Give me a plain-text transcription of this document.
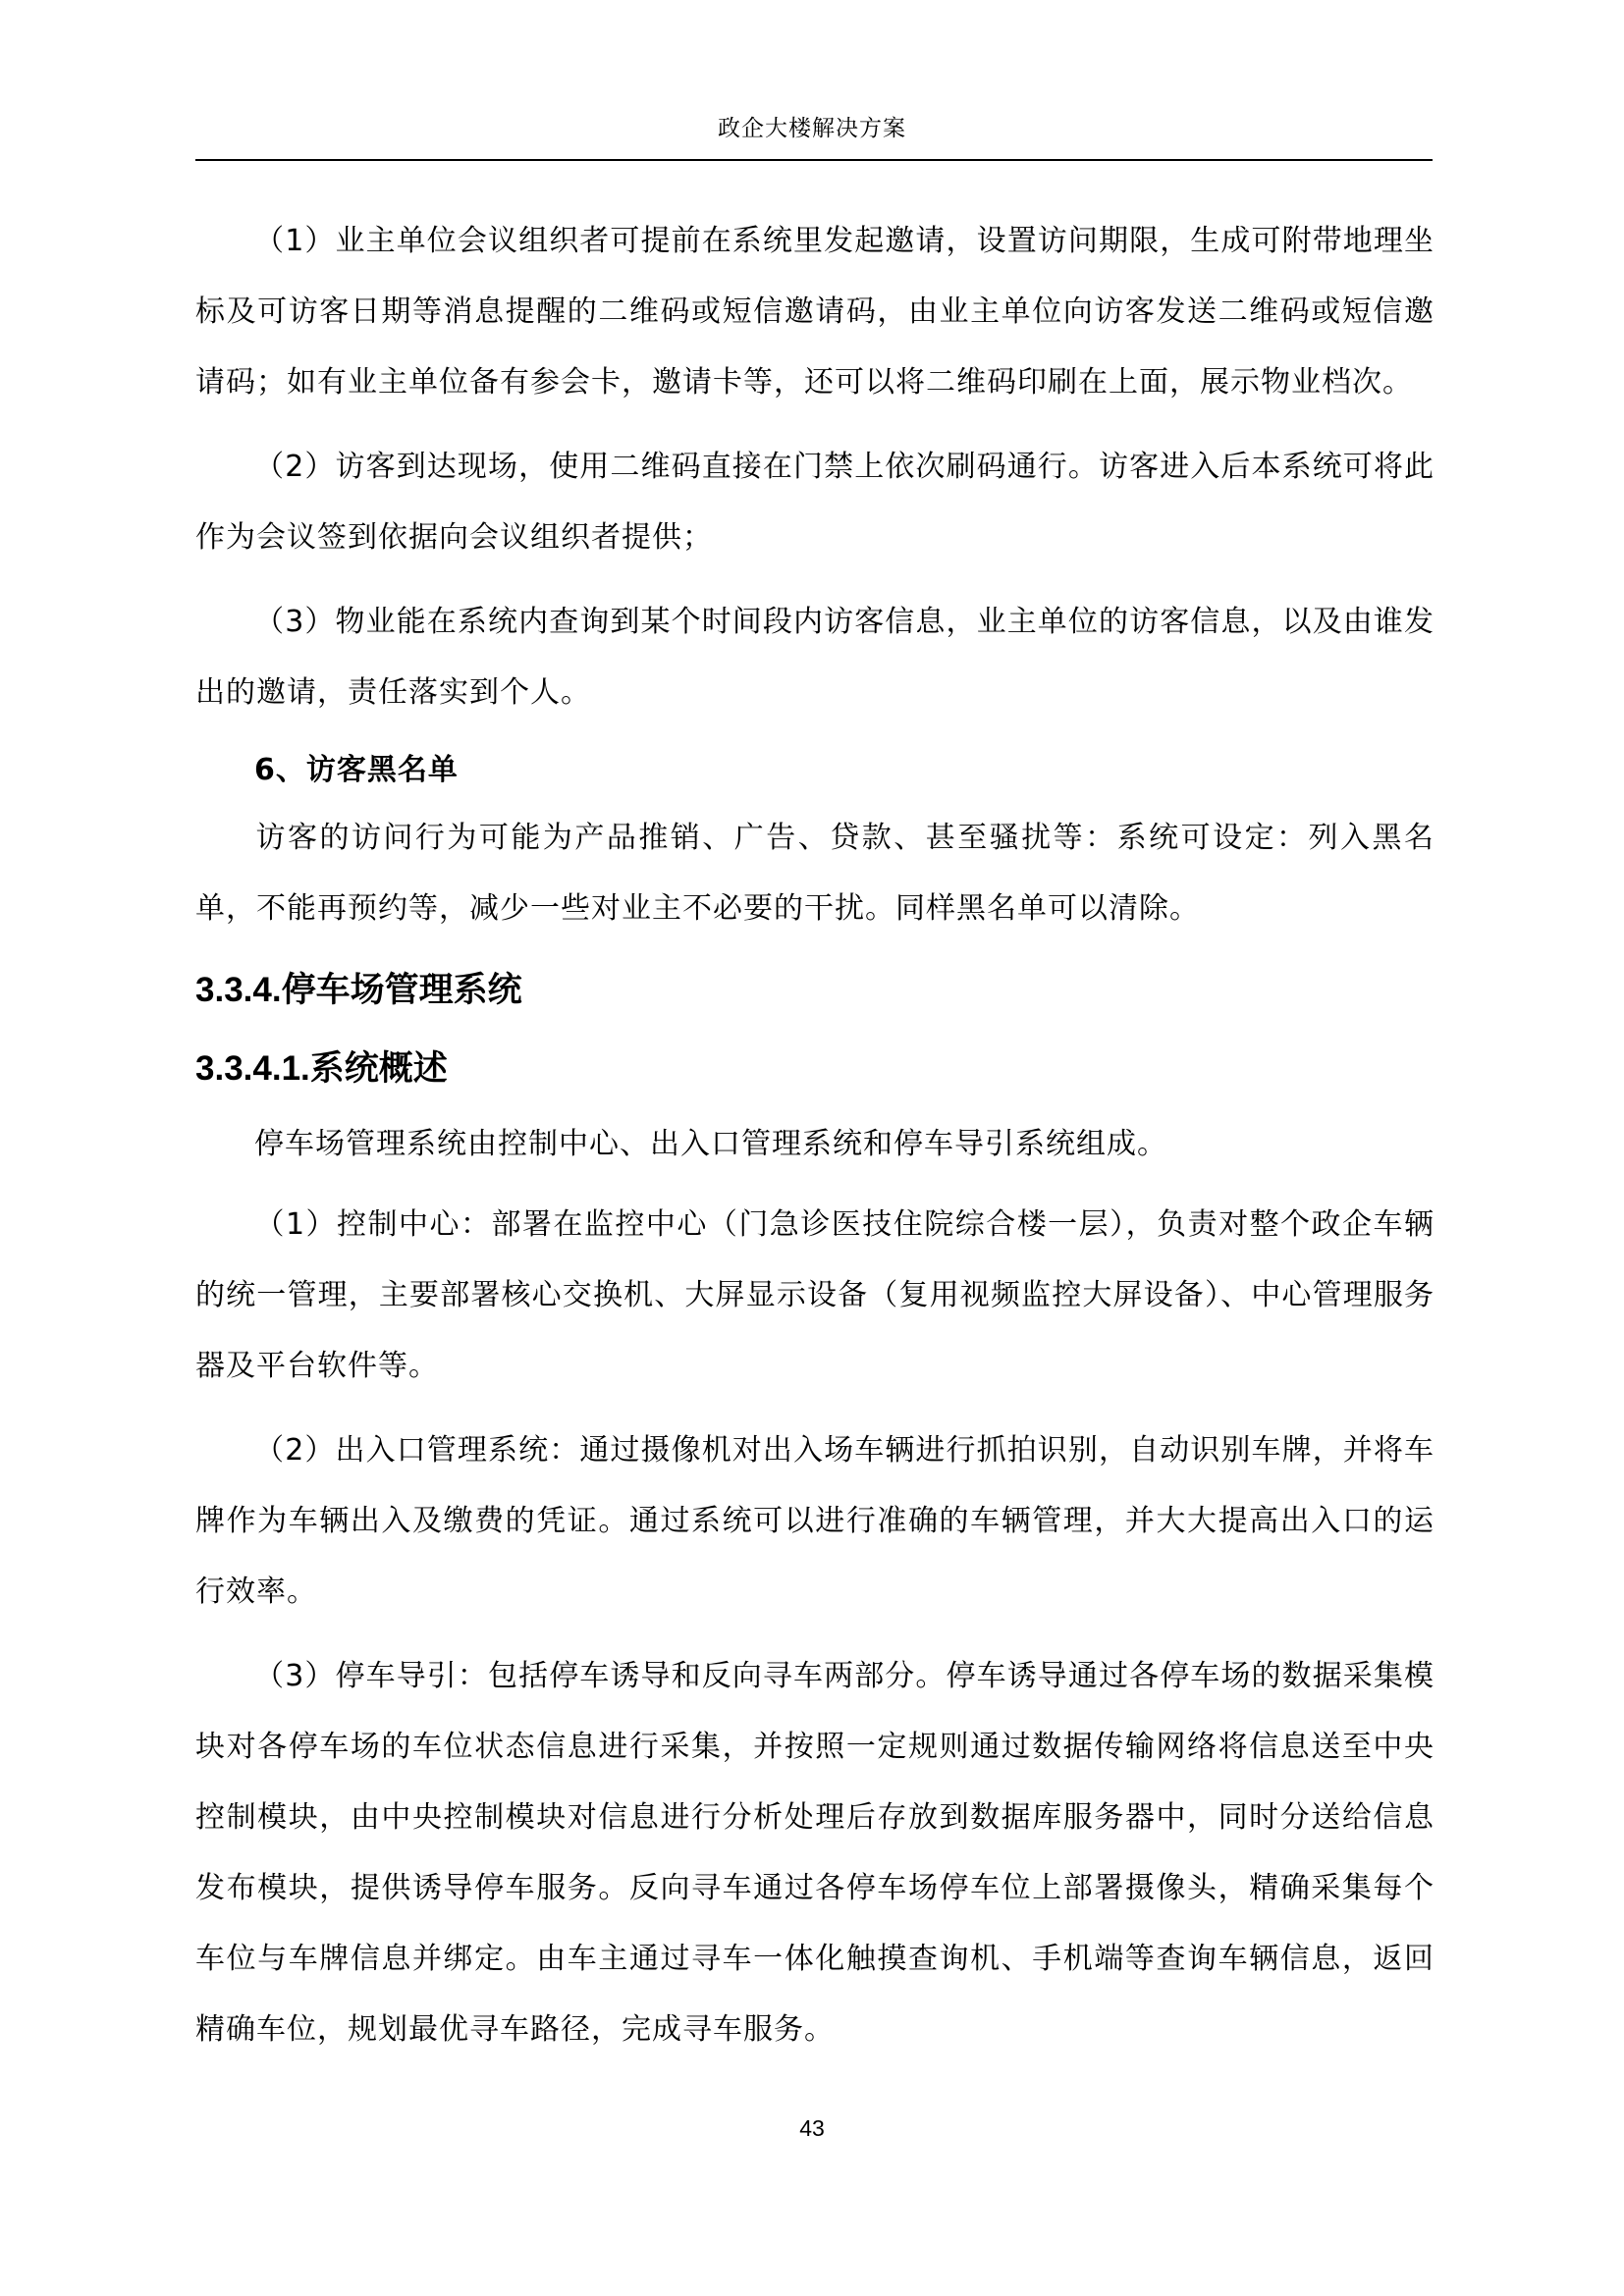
政企大楼解决方案

（1）业主单位会议组织者可提前在系统里发起邀请，设置访问期限，生成可附带地理坐标及可访客日期等消息提醒的二维码或短信邀请码，由业主单位向访客发送二维码或短信邀请码；如有业主单位备有参会卡，邀请卡等，还可以将二维码印刷在上面，展示物业档次。

（2）访客到达现场，使用二维码直接在门禁上依次刷码通行。访客进入后本系统可将此作为会议签到依据向会议组织者提供；

（3）物业能在系统内查询到某个时间段内访客信息，业主单位的访客信息，以及由谁发出的邀请，责任落实到个人。

6、访客黑名单

访客的访问行为可能为产品推销、广告、贷款、甚至骚扰等：系统可设定：列入黑名单，不能再预约等，减少一些对业主不必要的干扰。同样黑名单可以清除。

3.3.4.停车场管理系统
3.3.4.1.系统概述

停车场管理系统由控制中心、出入口管理系统和停车导引系统组成。

（1）控制中心：部署在监控中心（门急诊医技住院综合楼一层），负责对整个政企车辆的统一管理，主要部署核心交换机、大屏显示设备（复用视频监控大屏设备）、中心管理服务器及平台软件等。

（2）出入口管理系统：通过摄像机对出入场车辆进行抓拍识别，自动识别车牌，并将车牌作为车辆出入及缴费的凭证。通过系统可以进行准确的车辆管理，并大大提高出入口的运行效率。

（3）停车导引：包括停车诱导和反向寻车两部分。停车诱导通过各停车场的数据采集模块对各停车场的车位状态信息进行采集，并按照一定规则通过数据传输网络将信息送至中央控制模块，由中央控制模块对信息进行分析处理后存放到数据库服务器中，同时分送给信息发布模块，提供诱导停车服务。反向寻车通过各停车场停车位上部署摄像头，精确采集每个车位与车牌信息并绑定。由车主通过寻车一体化触摸查询机、手机端等查询车辆信息，返回精确车位，规划最优寻车路径，完成寻车服务。

43
